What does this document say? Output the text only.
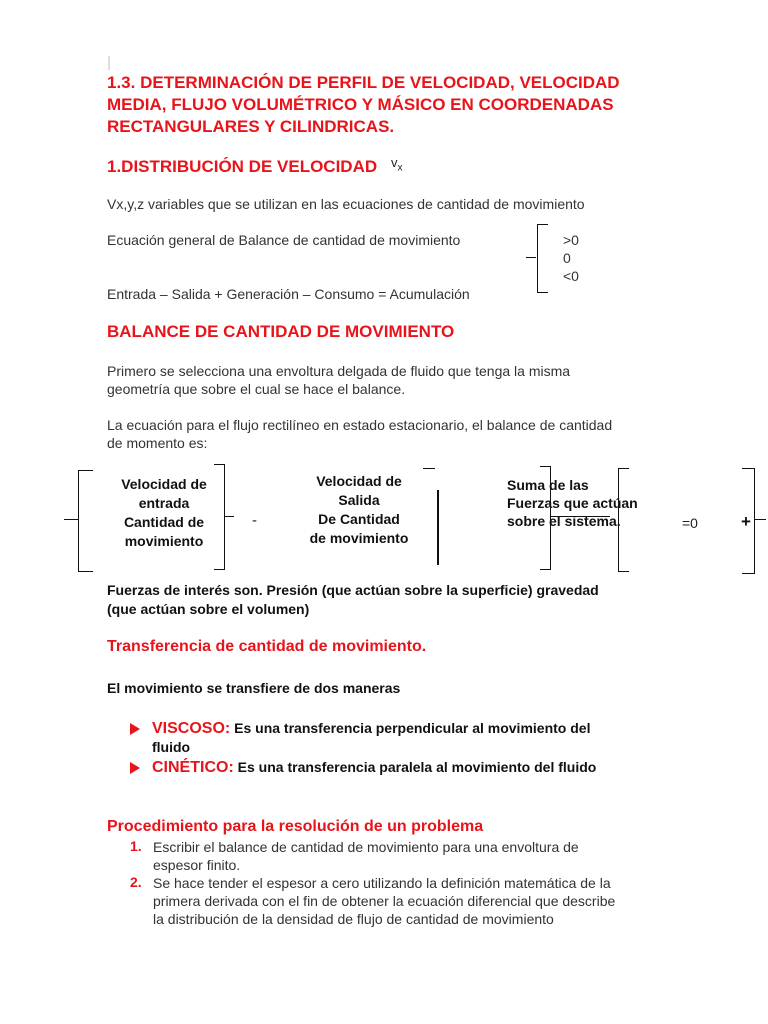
1.3. DETERMINACIÓN DE PERFIL DE VELOCIDAD, VELOCIDAD
MEDIA, FLUJO VOLUMÉTRICO Y MÁSICO EN COORDENADAS
RECTANGULARES Y CILINDRICAS.
1.DISTRIBUCIÓN DE VELOCIDAD $v_x$
Vx,y,z variables que se utilizan en las ecuaciones de cantidad de movimiento
Ecuación general de Balance de cantidad de movimiento	>0
0
<0
Entrada – Salida + Generación – Consumo = Acumulación
BALANCE DE CANTIDAD DE MOVIMIENTO
Primero se selecciona una envoltura delgada de fluido que tenga la misma
geometría que sobre el cual se hace el balance.
La ecuación para el flujo rectilíneo en estado estacionario, el balance de cantidad
de momento es:
Velocidad de
entrada
Cantidad de
movimiento
-
Velocidad de
Salida
De Cantidad
de movimiento
Suma de las
Fuerzas que actúan
sobre el sistema.	=0	+
Fuerzas de interés son. Presión (que actúan sobre la superficie) gravedad
(que actúan sobre el volumen)
Transferencia de cantidad de movimiento.
El movimiento se transfiere de dos maneras
VISCOSO: Es una transferencia perpendicular al movimiento del
fluido
CINÉTICO: Es una transferencia paralela al movimiento del fluido
Procedimiento para la resolución de un problema
1. Escribir el balance de cantidad de movimiento para una envoltura de
espesor finito.
2. Se hace tender el espesor a cero utilizando la definición matemática de la
primera derivada con el fin de obtener la ecuación diferencial que describe
la distribución de la densidad de flujo de cantidad de movimiento
